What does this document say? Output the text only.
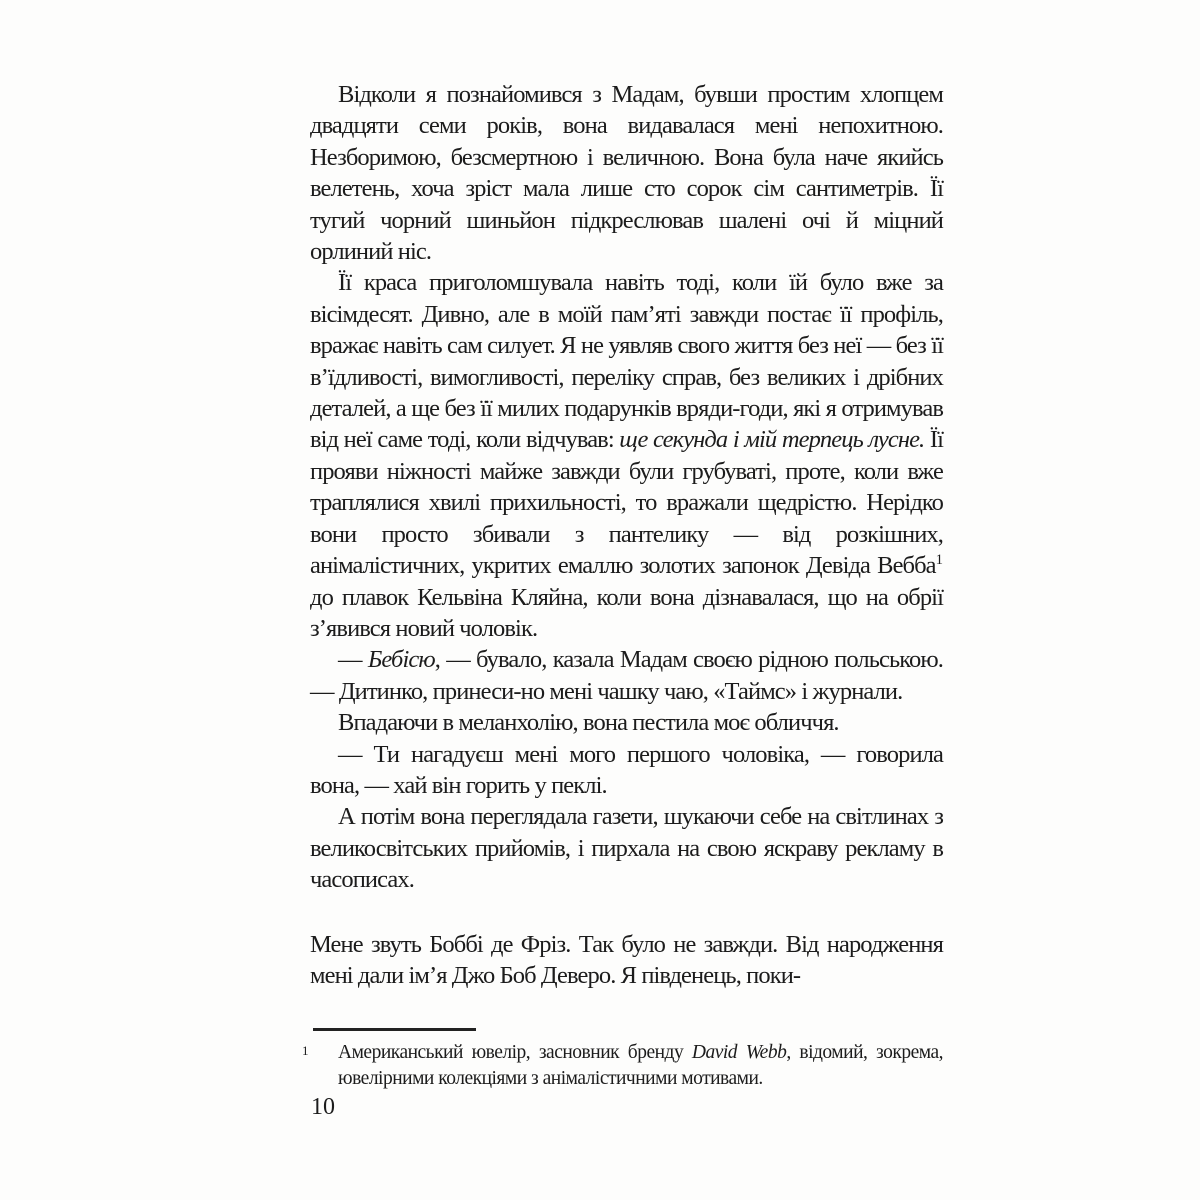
Відколи я познайомився з Мадам, бувши простим хлопцем двадцяти семи років, вона видавалася мені непохитною. Незборимою, безсмертною і величною. Вона була наче якийсь велетень, хоча зріст мала лише сто сорок сім сантиметрів. Її тугий чорний шиньйон підкреслював шалені очі й міцний орлиний ніс.

Її краса приголомшувала навіть тоді, коли їй було вже за вісімдесят. Дивно, але в моїй пам’яті завжди постає її профіль, вражає навіть сам силует. Я не уявляв свого життя без неї — без її в’їдливості, вимогливості, переліку справ, без великих і дрібних деталей, а ще без її милих подарунків вряди-годи, які я отримував від неї саме тоді, коли відчував: ще секунда і мій терпець лусне. Її прояви ніжності майже завжди були грубуваті, проте, коли вже траплялися хвилі прихильності, то вражали щедрістю. Нерідко вони просто збивали з пантелику — від розкішних, анімалістичних, укритих емаллю золотих запонок Девіда Вебба$^1$ до плавок Кельвіна Кляйна, коли вона дізнавалася, що на обрії з’явився новий чоловік.

— Бебісю, — бувало, казала Мадам своєю рідною польською. — Дитинко, принеси-но мені чашку чаю, «Таймс» і журнали.

Впадаючи в меланхолію, вона пестила моє обличчя.

— Ти нагадуєш мені мого першого чоловіка, — говорила вона, — хай він горить у пеклі.

А потім вона переглядала газети, шукаючи себе на світлинах з великосвітських прийомів, і пирхала на свою яскраву рекламу в часописах.

Мене звуть Боббі де Фріз. Так було не завжди. Від народження мені дали ім’я Джо Боб Деверо. Я південець, поки-

1 Американський ювелір, засновник бренду David Webb, відомий, зокрема, ювелірними колекціями з анімалістичними мотивами.
10
